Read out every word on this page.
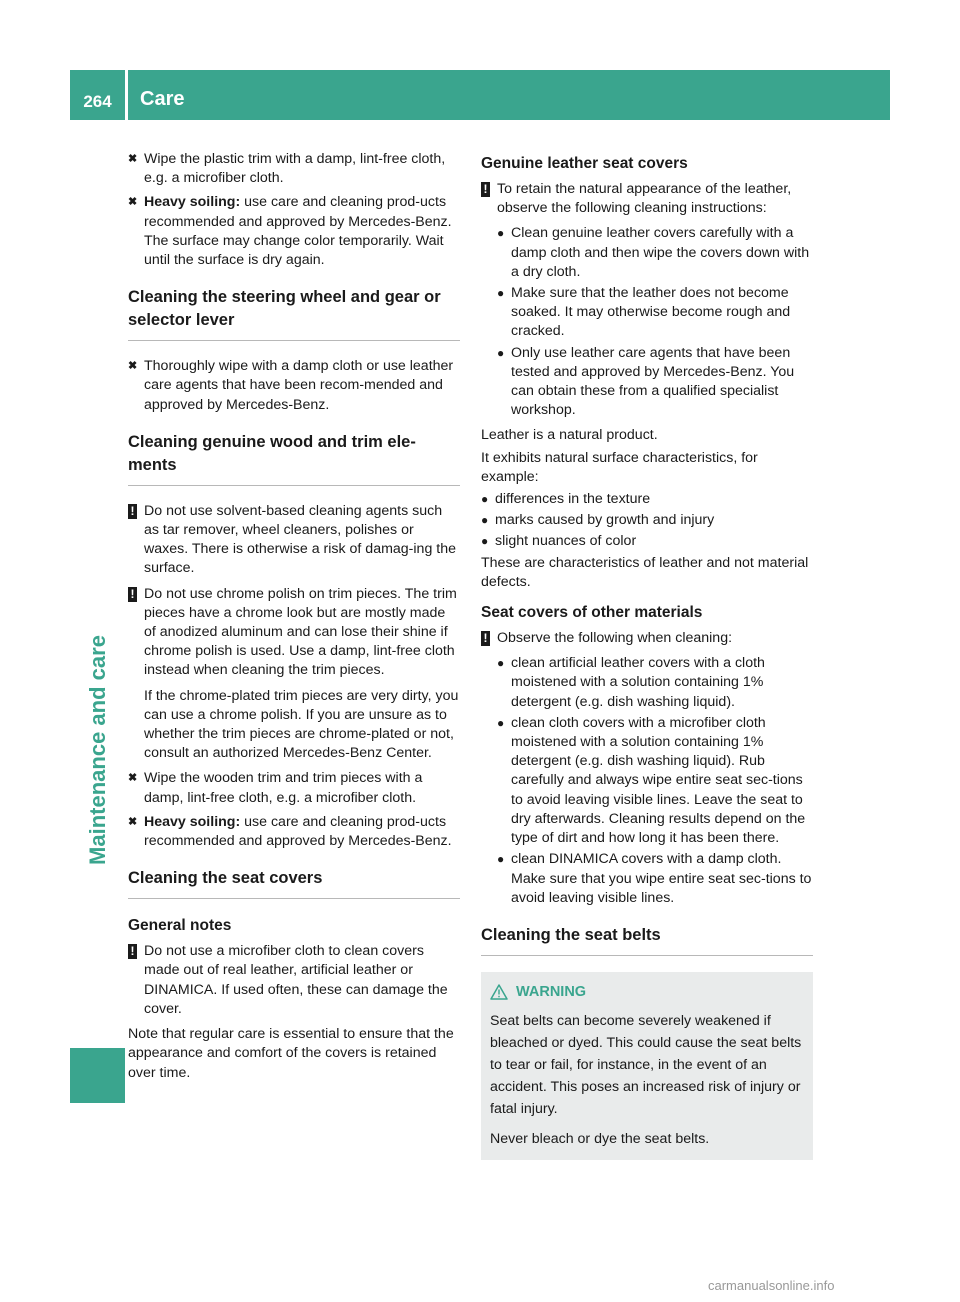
264	Care
Maintenance and care

✖ Wipe the plastic trim with a damp, lint-free cloth, e.g. a microfiber cloth.

✖ Heavy soiling: use care and cleaning prod-ucts recommended and approved by Mercedes-Benz.

The surface may change color temporarily. Wait until the surface is dry again.

Cleaning the steering wheel and gear or selector lever

✖ Thoroughly wipe with a damp cloth or use leather care agents that have been recom-mended and approved by Mercedes-Benz.

Cleaning genuine wood and trim ele-ments

! Do not use solvent-based cleaning agents such as tar remover, wheel cleaners, polishes or waxes. There is otherwise a risk of damag-ing the surface.

! Do not use chrome polish on trim pieces. The trim pieces have a chrome look but are mostly made of anodized aluminum and can lose their shine if chrome polish is used. Use a damp, lint-free cloth instead when cleaning the trim pieces.

If the chrome-plated trim pieces are very dirty, you can use a chrome polish. If you are unsure as to whether the trim pieces are chrome-plated or not, consult an authorized Mercedes-Benz Center.

✖ Wipe the wooden trim and trim pieces with a damp, lint-free cloth, e.g. a microfiber cloth.

✖ Heavy soiling: use care and cleaning prod-ucts recommended and approved by Mercedes-Benz.

Cleaning the seat covers

General notes

! Do not use a microfiber cloth to clean covers made out of real leather, artificial leather or DINAMICA. If used often, these can damage the cover.

Note that regular care is essential to ensure that the appearance and comfort of the covers is retained over time.

Genuine leather seat covers

! To retain the natural appearance of the leather, observe the following cleaning instructions:

● Clean genuine leather covers carefully with a damp cloth and then wipe the covers down with a dry cloth.

● Make sure that the leather does not become soaked. It may otherwise become rough and cracked.

● Only use leather care agents that have been tested and approved by Mercedes-Benz. You can obtain these from a qualified specialist workshop.

Leather is a natural product.

It exhibits natural surface characteristics, for example:

● differences in the texture

● marks caused by growth and injury

● slight nuances of color

These are characteristics of leather and not material defects.

Seat covers of other materials

! Observe the following when cleaning:

● clean artificial leather covers with a cloth moistened with a solution containing 1% detergent (e.g. dish washing liquid).

● clean cloth covers with a microfiber cloth moistened with a solution containing 1% detergent (e.g. dish washing liquid). Rub carefully and always wipe entire seat sec-tions to avoid leaving visible lines. Leave the seat to dry afterwards. Cleaning results depend on the type of dirt and how long it has been there.

● clean DINAMICA covers with a damp cloth. Make sure that you wipe entire seat sec-tions to avoid leaving visible lines.

Cleaning the seat belts

WARNING

Seat belts can become severely weakened if bleached or dyed. This could cause the seat belts to tear or fail, for instance, in the event of an accident. This poses an increased risk of injury or fatal injury.

Never bleach or dye the seat belts.

carmanualsonline.info
